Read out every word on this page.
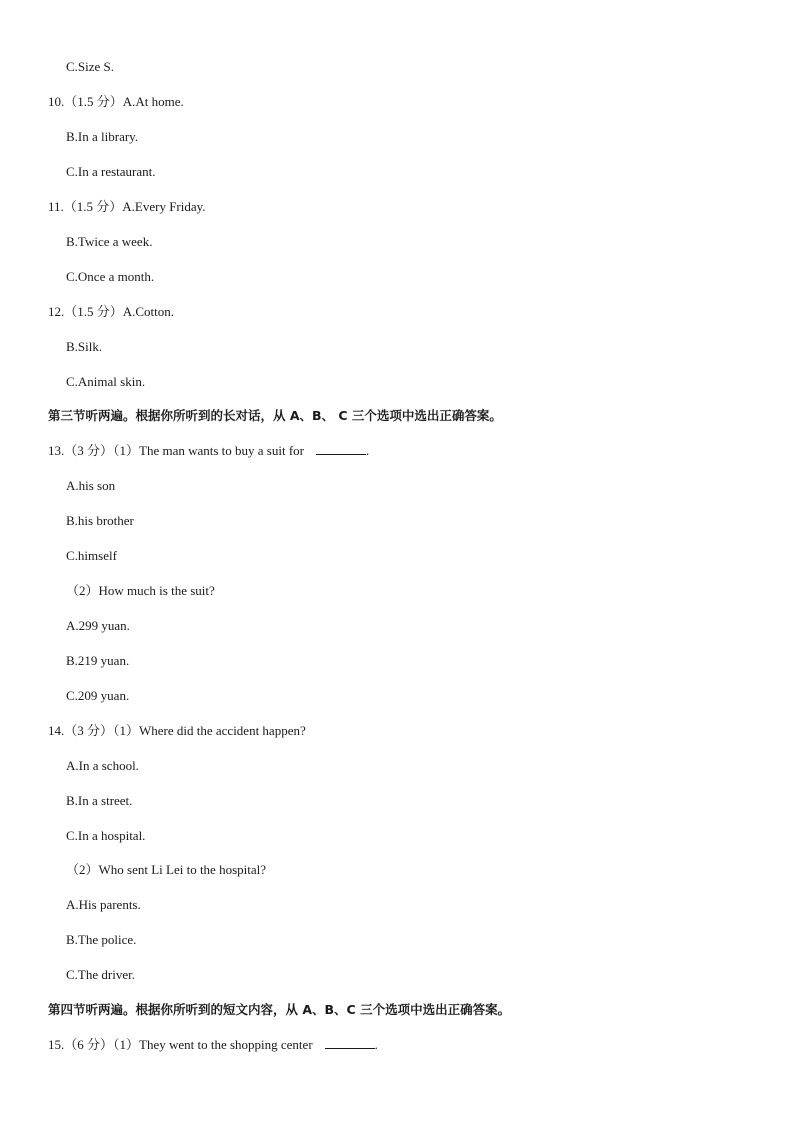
C.Size S.
10.（1.5 分）A.At home.
B.In a library.
C.In a restaurant.
11.（1.5 分）A.Every Friday.
B.Twice a week.
C.Once a month.
12.（1.5 分）A.Cotton.
B.Silk.
C.Animal skin.
第三节听两遍。根据你所听到的长对话，从 A、B、 C 三个选项中选出正确答案。
13.（3 分）（1）The man wants to buy a suit for	.
A.his son
B.his brother
C.himself
（2）How much is the suit?
A.299 yuan.
B.219 yuan.
C.209 yuan.
14.（3 分）（1）Where did the accident happen?
A.In a school.
B.In a street.
C.In a hospital.
（2）Who sent Li Lei to the hospital?
A.His parents.
B.The police.
C.The driver.
第四节听两遍。根据你所听到的短文内容，从 A、B、C 三个选项中选出正确答案。
15.（6 分）（1）They went to the shopping center	.
